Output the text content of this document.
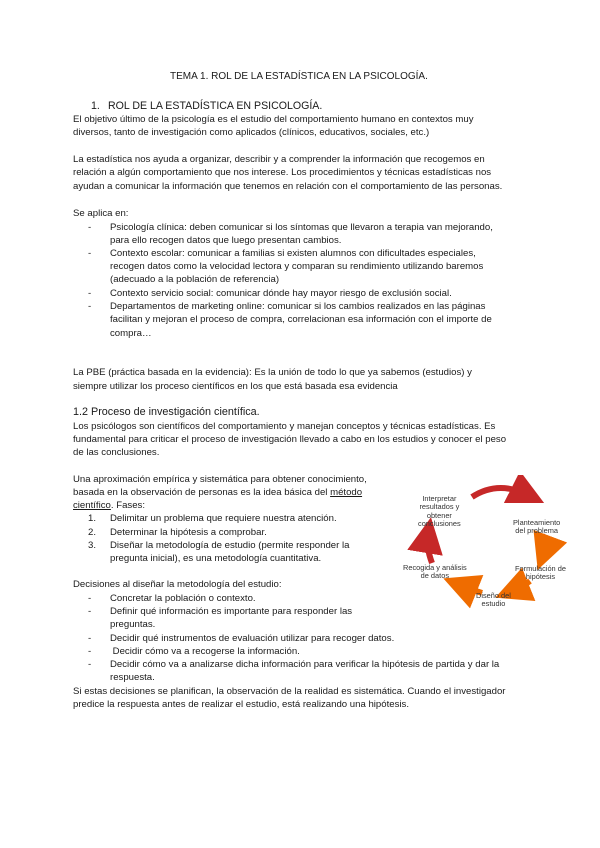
TEMA 1. ROL DE LA ESTADÍSTICA EN LA PSICOLOGÍA.
1. ROL DE LA ESTADÍSTICA EN PSICOLOGÍA.
El objetivo último de la psicología es el estudio del comportamiento humano en contextos muy
diversos, tanto de investigación como aplicados (clínicos, educativos, sociales, etc.)
La estadística nos ayuda a organizar, describir y a comprender la información que recogemos en
relación a algún comportamiento que nos interese. Los procedimientos y técnicas estadísticas nos
ayudan a comunicar la información que tenemos en relación con el comportamiento de las personas.
Se aplica en:
- Psicología clínica: deben comunicar si los síntomas que llevaron a terapia van mejorando,
para ello recogen datos que luego presentan cambios.
- Contexto escolar: comunicar a familias si existen alumnos con dificultades especiales,
recogen datos como la velocidad lectora y comparan su rendimiento utilizando baremos
(adecuado a la población de referencia)
- Contexto servicio social: comunicar dónde hay mayor riesgo de exclusión social.
- Departamentos de marketing online: comunicar si los cambios realizados en las páginas
facilitan y mejoran el proceso de compra, correlacionan esa información con el importe de
compra…
La PBE (práctica basada en la evidencia): Es la unión de todo lo que ya sabemos (estudios) y
siempre utilizar los proceso científicos en los que está basada esa evidencia
1.2 Proceso de investigación científica.
Los psicólogos son científicos del comportamiento y manejan conceptos y técnicas estadísticas. Es
fundamental para criticar el proceso de investigación llevado a cabo en los estudios y conocer el peso
de las conclusiones.
Una aproximación empírica y sistemática para obtener conocimiento,
basada en la observación de personas es la idea básica del método
científico. Fases:
1. Delimitar un problema que requiere nuestra atención.
2. Determinar la hipótesis a comprobar.
3. Diseñar la metodología de estudio (permite responder la
pregunta inicial), es una metodología cuantitativa.
Decisiones al diseñar la metodología del estudio:
- Concretar la población o contexto.
- Definir qué información es importante para responder las
preguntas.
- Decidir qué instrumentos de evaluación utilizar para recoger datos.
- Decidir cómo va a recogerse la información.
- Decidir cómo va a analizarse dicha información para verificar la hipótesis de partida y dar la
respuesta.
Si estas decisiones se planifican, la observación de la realidad es sistemática. Cuando el investigador
predice la respuesta antes de realizar el estudio, está realizando una hipótesis.
Interpretar
resultados y
obtener
conclusiones	Planteamiento
del problema
Formulación de
hipótesis
Diseño del
estudio
Recogida y análisis
de datos
